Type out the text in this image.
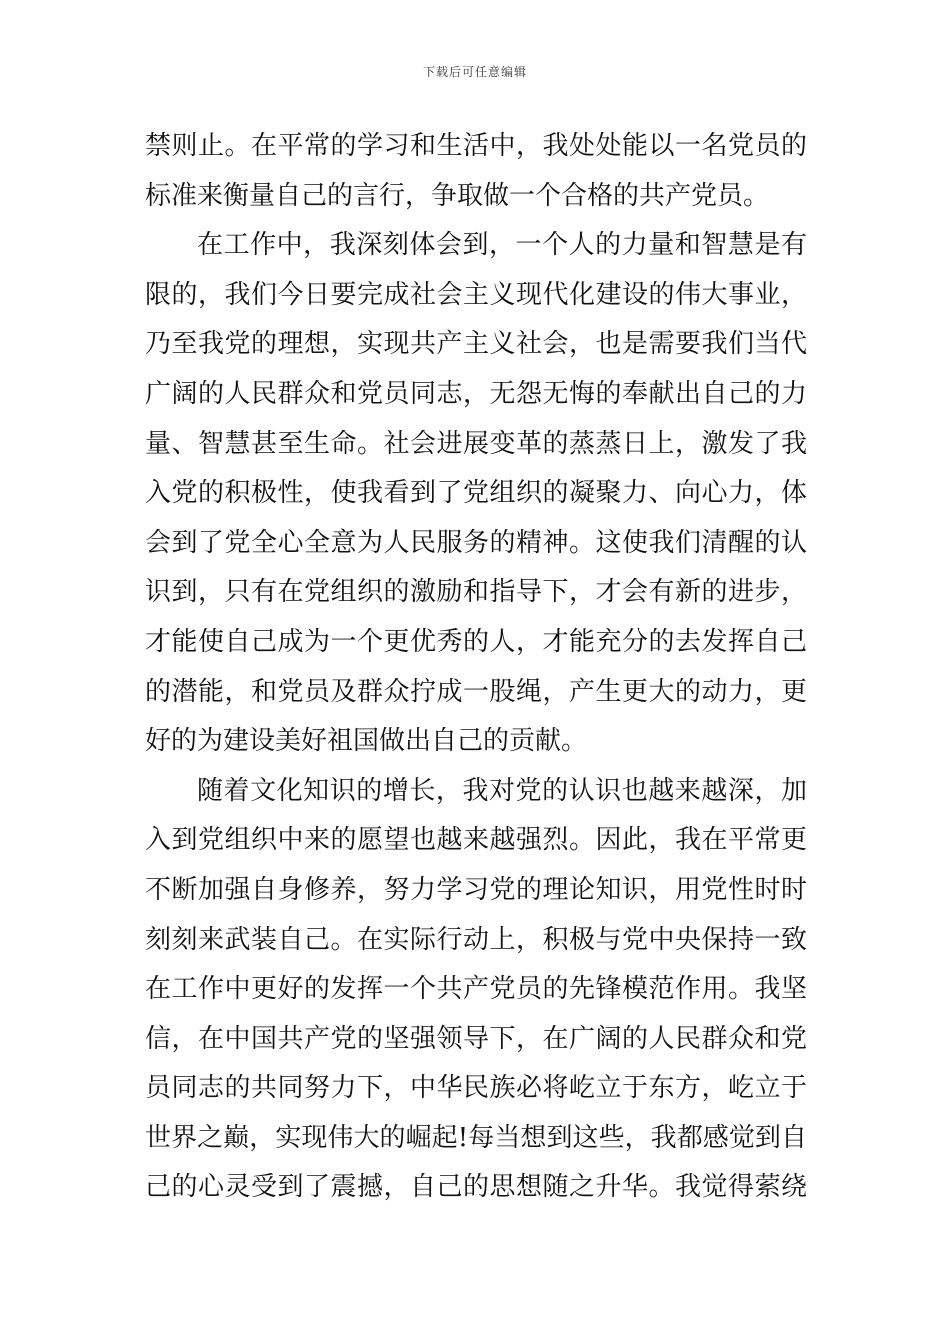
下载后可任意编辑
禁则止。在平常的学习和生活中，我处处能以一名党员的
标准来衡量自己的言行，争取做一个合格的共产党员。
在工作中，我深刻体会到，一个人的力量和智慧是有
限的，我们今日要完成社会主义现代化建设的伟大事业，
乃至我党的理想，实现共产主义社会，也是需要我们当代
广阔的人民群众和党员同志，无怨无悔的奉献出自己的力
量、智慧甚至生命。社会进展变革的蒸蒸日上，激发了我
入党的积极性，使我看到了党组织的凝聚力、向心力，体
会到了党全心全意为人民服务的精神。这使我们清醒的认
识到，只有在党组织的激励和指导下，才会有新的进步，
才能使自己成为一个更优秀的人，才能充分的去发挥自己
的潜能，和党员及群众拧成一股绳，产生更大的动力，更
好的为建设美好祖国做出自己的贡献。
随着文化知识的增长，我对党的认识也越来越深，加
入到党组织中来的愿望也越来越强烈。因此，我在平常更
不断加强自身修养，努力学习党的理论知识，用党性时时
刻刻来武装自己。在实际行动上，积极与党中央保持一致
在工作中更好的发挥一个共产党员的先锋模范作用。我坚
信，在中国共产党的坚强领导下，在广阔的人民群众和党
员同志的共同努力下，中华民族必将屹立于东方，屹立于
世界之巅，实现伟大的崛起!每当想到这些，我都感觉到自
己的心灵受到了震撼，自己的思想随之升华。我觉得萦绕
